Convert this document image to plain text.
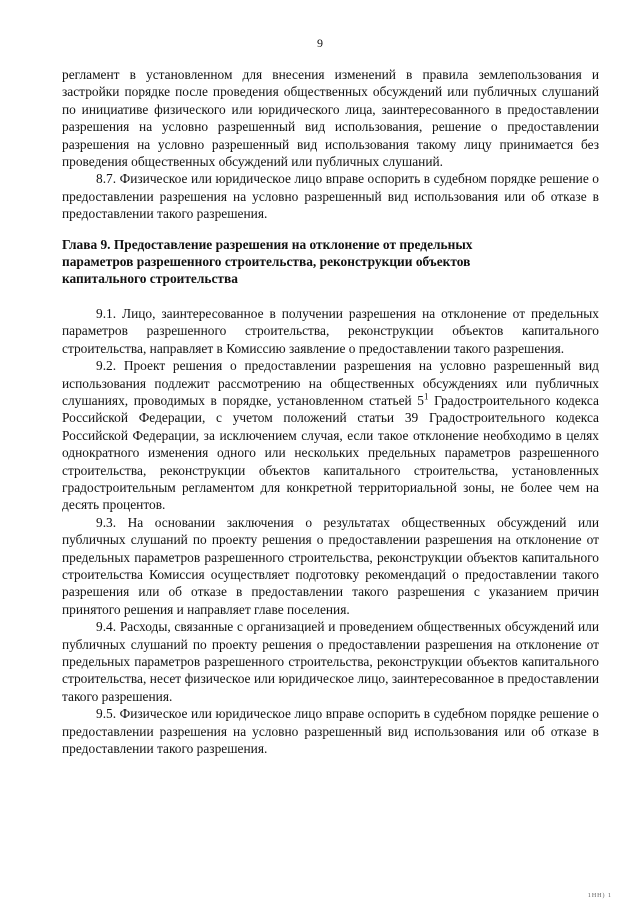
9

регламент в установленном для внесения изменений в правила землепользования и застройки порядке после проведения общественных обсуждений или публичных слушаний по инициативе физического или юридического лица, заинтересованного в предоставлении разрешения на условно разрешенный вид использования, решение о предоставлении разрешения на условно разрешенный вид использования такому лицу принимается без проведения общественных обсуждений или публичных слушаний.

8.7. Физическое или юридическое лицо вправе оспорить в судебном порядке решение о предоставлении разрешения на условно разрешенный вид использования или об отказе в предоставлении такого разрешения.

Глава 9. Предоставление разрешения на отклонение от предельных
параметров разрешенного строительства, реконструкции объектов
капитального строительства

9.1. Лицо, заинтересованное в получении разрешения на отклонение от предельных параметров разрешенного строительства, реконструкции объектов капитального строительства, направляет в Комиссию заявление о предоставлении такого разрешения.

9.2. Проект решения о предоставлении разрешения на условно разрешенный вид использования подлежит рассмотрению на общественных обсуждениях или публичных слушаниях, проводимых в порядке, установленном статьей $5^1$ Градостроительного кодекса Российской Федерации, с учетом положений статьи 39 Градостроительного кодекса Российской Федерации, за исключением случая, если такое отклонение необходимо в целях однократного изменения одного или нескольких предельных параметров разрешенного строительства, реконструкции объектов капитального строительства, установленных градостроительным регламентом для конкретной территориальной зоны, не более чем на десять процентов.

9.3. На основании заключения о результатах общественных обсуждений или публичных слушаний по проекту решения о предоставлении разрешения на отклонение от предельных параметров разрешенного строительства, реконструкции объектов капитального строительства Комиссия осуществляет подготовку рекомендаций о предоставлении такого разрешения или об отказе в предоставлении такого разрешения с указанием причин принятого решения и направляет главе поселения.

9.4. Расходы, связанные с организацией и проведением общественных обсуждений или публичных слушаний по проекту решения о предоставлении разрешения на отклонение от предельных параметров разрешенного строительства, реконструкции объектов капитального строительства, несет физическое или юридическое лицо, заинтересованное в предоставлении такого разрешения.

9.5. Физическое или юридическое лицо вправе оспорить в судебном порядке решение о предоставлении разрешения на условно разрешенный вид использования или об отказе в предоставлении такого разрешения.

1HH) 1
